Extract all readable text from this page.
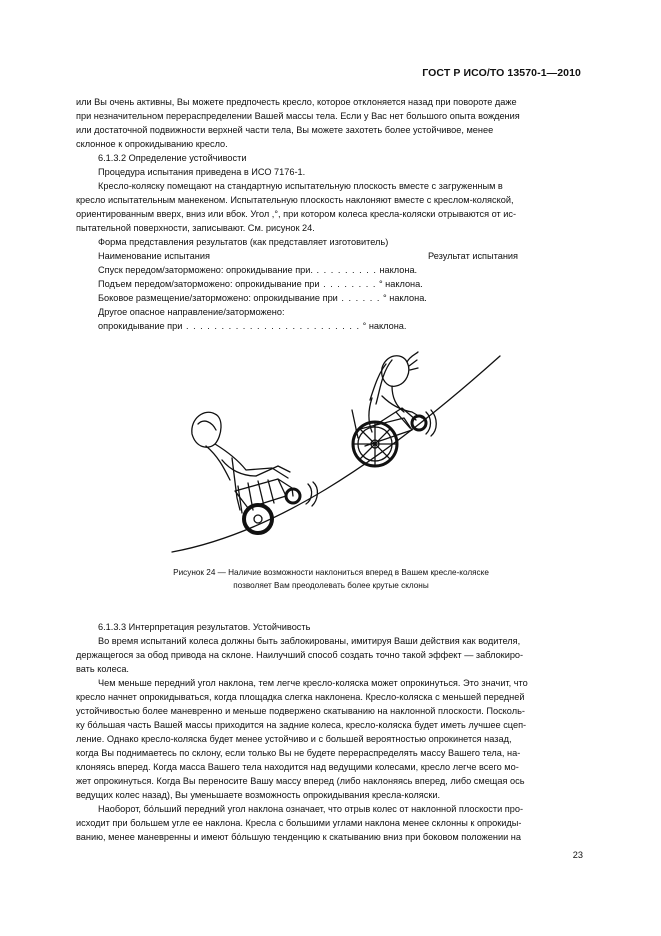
ГОСТ Р ИСО/ТО 13570-1—2010
или Вы очень активны, Вы можете предпочесть кресло, которое отклоняется назад при повороте даже
при незначительном перераспределении Вашей массы тела. Если у Вас нет большого опыта вождения
или достаточной подвижности верхней части тела, Вы можете захотеть более устойчивое, менее
склонное к опрокидыванию кресло.
6.1.3.2 Определение устойчивости
Процедура испытания приведена в ИСО 7176-1.
Кресло-коляску помещают на стандартную испытательную плоскость вместе с загруженным в
кресло испытательным манекеном. Испытательную плоскость наклоняют вместе с креслом-коляской,
ориентированным вверх, вниз или вбок. Угол ,°, при котором колеса кресла-коляски отрываются от ис-
пытательной поверхности, записывают. См. рисунок 24.
Форма представления результатов (как представляет изготовитель)
Наименование испытания	Результат испытания
Спуск передом/заторможено: опрокидывание при. . . . . . . . . . наклона.
Подъем передом/заторможено: опрокидывание при . . . . . . . . ° наклона.
Боковое размещение/заторможено: опрокидывание при . . . . . . ° наклона.
Другое опасное направление/заторможено:
опрокидывание при . . . . . . . . . . . . . . . . . . . . . . . . . ° наклона.
Рисунок 24 — Наличие возможности наклониться вперед в Вашем кресле-коляске
позволяет Вам преодолевать более крутые склоны
6.1.3.3 Интерпретация результатов. Устойчивость
Во время испытаний колеса должны быть заблокированы, имитируя Ваши действия как водителя,
держащегося за обод привода на склоне. Наилучший способ создать точно такой эффект — заблокиро-
вать колеса.
Чем меньше передний угол наклона, тем легче кресло-коляска может опрокинуться. Это значит, что
кресло начнет опрокидываться, когда площадка слегка наклонена. Кресло-коляска с меньшей передней
устойчивостью более маневренно и меньше подвержено скатыванию на наклонной плоскости. Посколь-
ку бо́льшая часть Вашей массы приходится на задние колеса, кресло-коляска будет иметь лучшее сцеп-
ление. Однако кресло-коляска будет менее устойчиво и с большей вероятностью опрокинется назад,
когда Вы поднимаетесь по склону, если только Вы не будете перераспределять массу Вашего тела, на-
клоняясь вперед. Когда масса Вашего тела находится над ведущими колесами, кресло легче всего мо-
жет опрокинуться. Когда Вы переносите Вашу массу вперед (либо наклоняясь вперед, либо смещая ось
ведущих колес назад), Вы уменьшаете возможность опрокидывания кресла-коляски.
Наоборот, бо́льший передний угол наклона означает, что отрыв колес от наклонной плоскости про-
исходит при большем угле ее наклона. Кресла с большими углами наклона менее склонны к опрокиды-
ванию, менее маневренны и имеют бо́льшую тенденцию к скатыванию вниз при боковом положении на
23
